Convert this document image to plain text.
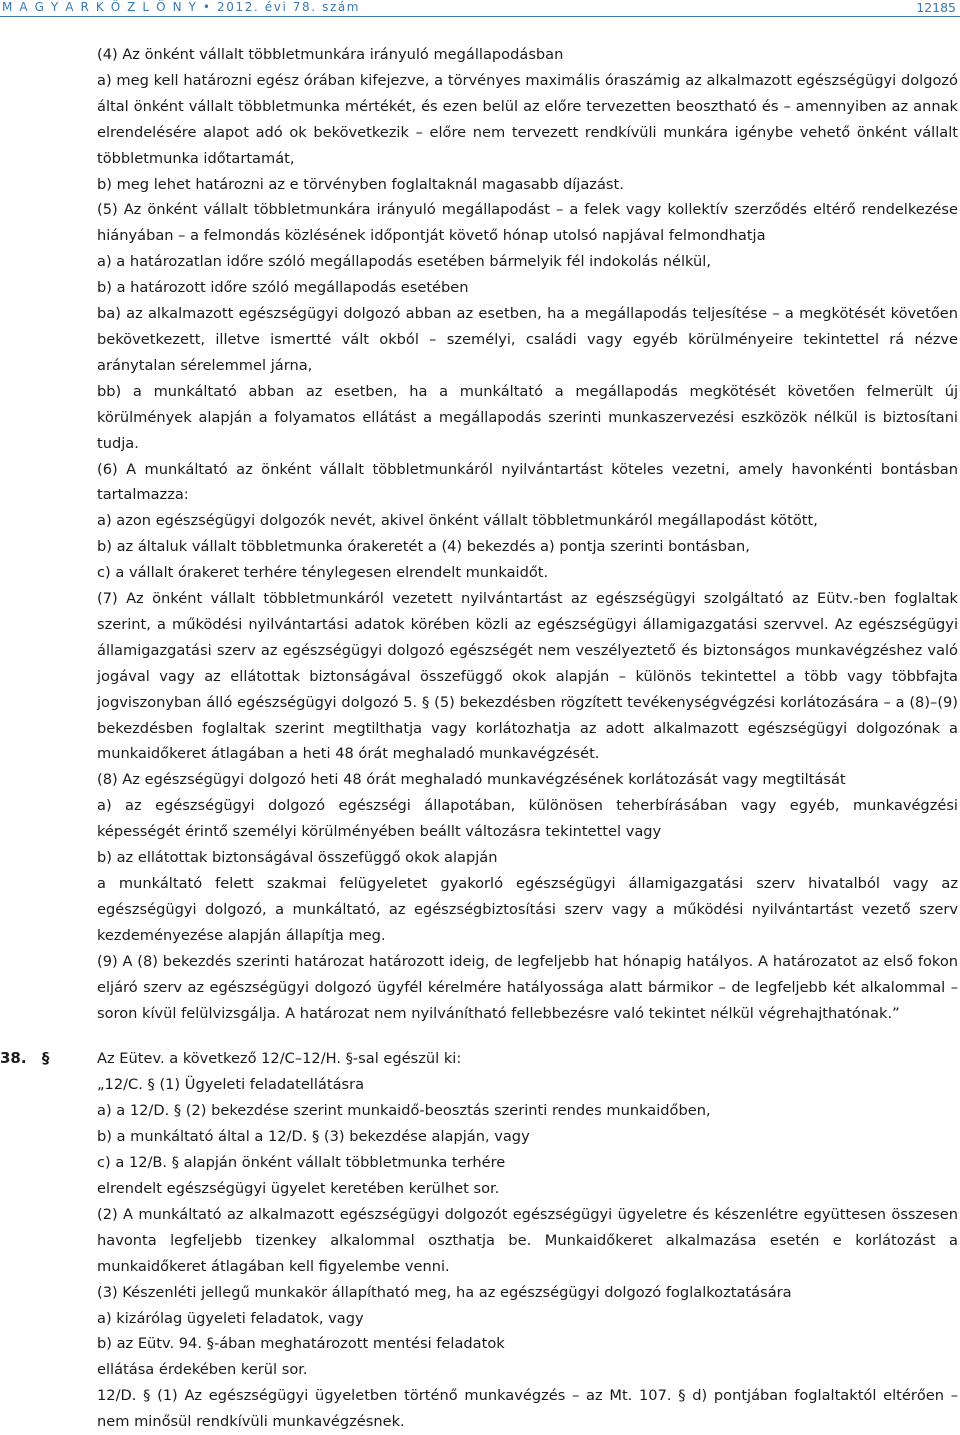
M A G Y A R K Ö Z L Ö N Y • 2012. évi 78. szám	12185

(4) Az önként vállalt többletmunkára irányuló megállapodásban

a) meg kell határozni egész órában kifejezve, a törvényes maximális óraszámig az alkalmazott egészségügyi dolgozó által önként vállalt többletmunka mértékét, és ezen belül az előre tervezetten beosztható és – amennyiben az annak elrendelésére alapot adó ok bekövetkezik – előre nem tervezett rendkívüli munkára igénybe vehető önként vállalt többletmunka időtartamát,

b) meg lehet határozni az e törvényben foglaltaknál magasabb díjazást.

(5) Az önként vállalt többletmunkára irányuló megállapodást – a felek vagy kollektív szerződés eltérő rendelkezése hiányában – a felmondás közlésének időpontját követő hónap utolsó napjával felmondhatja

a) a határozatlan időre szóló megállapodás esetében bármelyik fél indokolás nélkül,

b) a határozott időre szóló megállapodás esetében

ba) az alkalmazott egészségügyi dolgozó abban az esetben, ha a megállapodás teljesítése – a megkötését követően bekövetkezett, illetve ismertté vált okból – személyi, családi vagy egyéb körülményeire tekintettel rá nézve aránytalan sérelemmel járna,

bb) a munkáltató abban az esetben, ha a munkáltató a megállapodás megkötését követően felmerült új körülmények alapján a folyamatos ellátást a megállapodás szerinti munkaszervezési eszközök nélkül is biztosítani tudja.

(6) A munkáltató az önként vállalt többletmunkáról nyilvántartást köteles vezetni, amely havonkénti bontásban tartalmazza:

a) azon egészségügyi dolgozók nevét, akivel önként vállalt többletmunkáról megállapodást kötött,

b) az általuk vállalt többletmunka órakeretét a (4) bekezdés a) pontja szerinti bontásban,

c) a vállalt órakeret terhére ténylegesen elrendelt munkaidőt.

(7) Az önként vállalt többletmunkáról vezetett nyilvántartást az egészségügyi szolgáltató az Eütv.-ben foglaltak szerint, a működési nyilvántartási adatok körében közli az egészségügyi államigazgatási szervvel. Az egészségügyi államigazgatási szerv az egészségügyi dolgozó egészségét nem veszélyeztető és biztonságos munkavégzéshez való jogával vagy az ellátottak biztonságával összefüggő okok alapján – különös tekintettel a több vagy többfajta jogviszonyban álló egészségügyi dolgozó 5. § (5) bekezdésben rögzített tevékenységvégzési korlátozására – a (8)–(9) bekezdésben foglaltak szerint megtilthatja vagy korlátozhatja az adott alkalmazott egészségügyi dolgozónak a munkaidőkeret átlagában a heti 48 órát meghaladó munkavégzését.

(8) Az egészségügyi dolgozó heti 48 órát meghaladó munkavégzésének korlátozását vagy megtiltását

a) az egészségügyi dolgozó egészségi állapotában, különösen teherbírásában vagy egyéb, munkavégzési képességét érintő személyi körülményében beállt változásra tekintettel vagy

b) az ellátottak biztonságával összefüggő okok alapján

a munkáltató felett szakmai felügyeletet gyakorló egészségügyi államigazgatási szerv hivatalból vagy az egészségügyi dolgozó, a munkáltató, az egészségbiztosítási szerv vagy a működési nyilvántartást vezető szerv kezdeményezése alapján állapítja meg.

(9) A (8) bekezdés szerinti határozat határozott ideig, de legfeljebb hat hónapig hatályos. A határozatot az első fokon eljáró szerv az egészségügyi dolgozó ügyfél kérelmére hatályossága alatt bármikor – de legfeljebb két alkalommal – soron kívül felülvizsgálja. A határozat nem nyilvánítható fellebbezésre való tekintet nélkül végrehajthatónak.”

38. §	Az Eütev. a következő 12/C–12/H. §-sal egészül ki:

„12/C. § (1) Ügyeleti feladatellátásra

a) a 12/D. § (2) bekezdése szerint munkaidő-beosztás szerinti rendes munkaidőben,

b) a munkáltató által a 12/D. § (3) bekezdése alapján, vagy

c) a 12/B. § alapján önként vállalt többletmunka terhére

elrendelt egészségügyi ügyelet keretében kerülhet sor.

(2) A munkáltató az alkalmazott egészségügyi dolgozót egészségügyi ügyeletre és készenlétre együttesen összesen havonta legfeljebb tizenkey alkalommal oszthatja be. Munkaidőkeret alkalmazása esetén e korlátozást a munkaidőkeret átlagában kell figyelembe venni.

(3) Készenléti jellegű munkakör állapítható meg, ha az egészségügyi dolgozó foglalkoztatására

a) kizárólag ügyeleti feladatok, vagy

b) az Eütv. 94. §-ában meghatározott mentési feladatok

ellátása érdekében kerül sor.

12/D. § (1) Az egészségügyi ügyeletben történő munkavégzés – az Mt. 107. § d) pontjában foglaltaktól eltérően – nem minősül rendkívüli munkavégzésnek.
